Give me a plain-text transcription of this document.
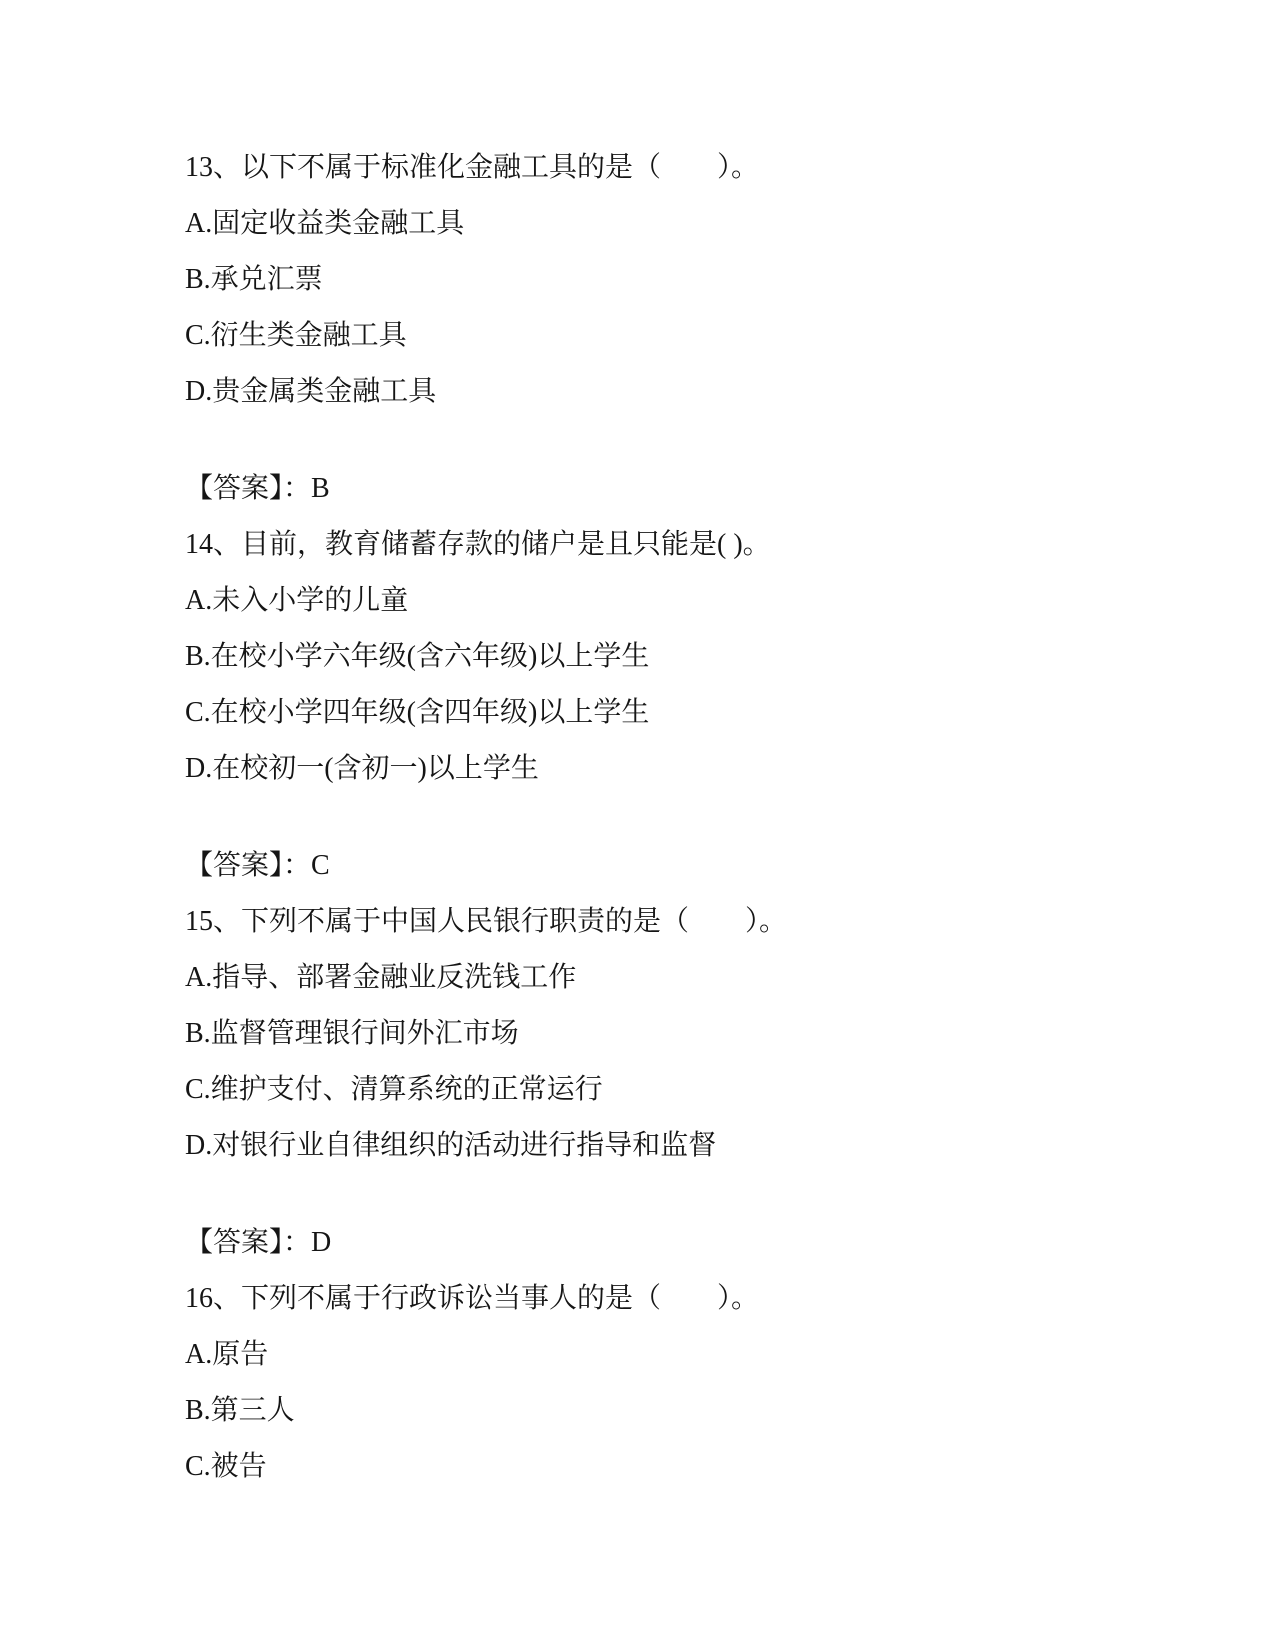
13、以下不属于标准化金融工具的是（　　）。
A.固定收益类金融工具
B.承兑汇票
C.衍生类金融工具
D.贵金属类金融工具
【答案】：B
14、目前，教育储蓄存款的储户是且只能是( )。
A.未入小学的儿童
B.在校小学六年级(含六年级)以上学生
C.在校小学四年级(含四年级)以上学生
D.在校初一(含初一)以上学生
【答案】：C
15、下列不属于中国人民银行职责的是（　　）。
A.指导、部署金融业反洗钱工作
B.监督管理银行间外汇市场
C.维护支付、清算系统的正常运行
D.对银行业自律组织的活动进行指导和监督
【答案】：D
16、下列不属于行政诉讼当事人的是（　　）。
A.原告
B.第三人
C.被告
